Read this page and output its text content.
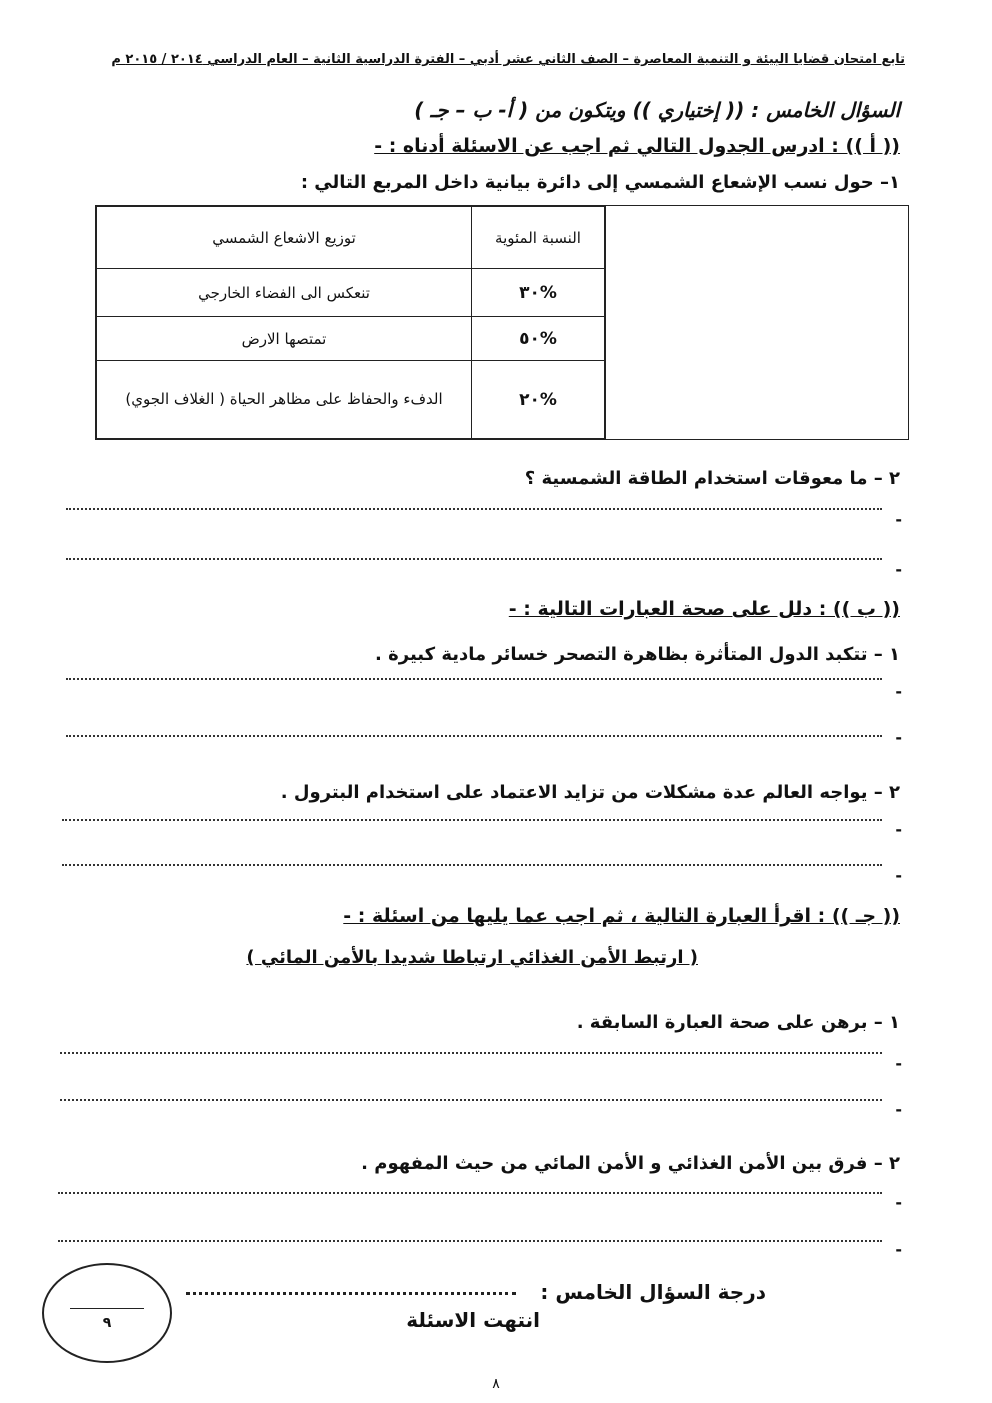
تابع امتحان قضايا البيئة و التنمية المعاصرة – الصف الثاني عشر أدبي – الفترة الدراسية الثانية – العام الدراسي ٢٠١٤ / ٢٠١٥ م
السؤال الخامس : (( إختياري )) ويتكون من ( أ- ب – جـ )
(( أ )) : ادرس الجدول التالي ثم اجب عن الاسئلة أدناه : -
١– حول نسب الإشعاع الشمسي إلى دائرة بيانية داخل المربع التالي :
النسبة المئوية	توزيع الاشعاع الشمسي
%٣٠	تنعكس الى الفضاء الخارجي
%٥٠	تمتصها الارض
%٢٠	الدفء والحفاظ على مظاهر الحياة ( الغلاف الجوي)
٢ – ما معوقات استخدام الطاقة الشمسية ؟
-
-
(( ب )) : دلل على صحة العبارات التالية : -
١ – تتكبد الدول المتأثرة بظاهرة التصحر خسائر مادية كبيرة .
-
-
٢ – يواجه العالم عدة مشكلات من تزايد الاعتماد على استخدام البترول .
-
-
(( جـ )) : اقرأ العبارة التالية ، ثم اجب عما يليها من اسئلة : -
( ارتبط الأمن الغذائي ارتباطا شديدا بالأمن المائي )
١ – برهن على صحة العبارة السابقة .
-
-
٢ – فرق بين الأمن الغذائي و الأمن المائي من حيث المفهوم .
-
-
درجة السؤال الخامس :
انتهت الاسئلة
٩
٨
